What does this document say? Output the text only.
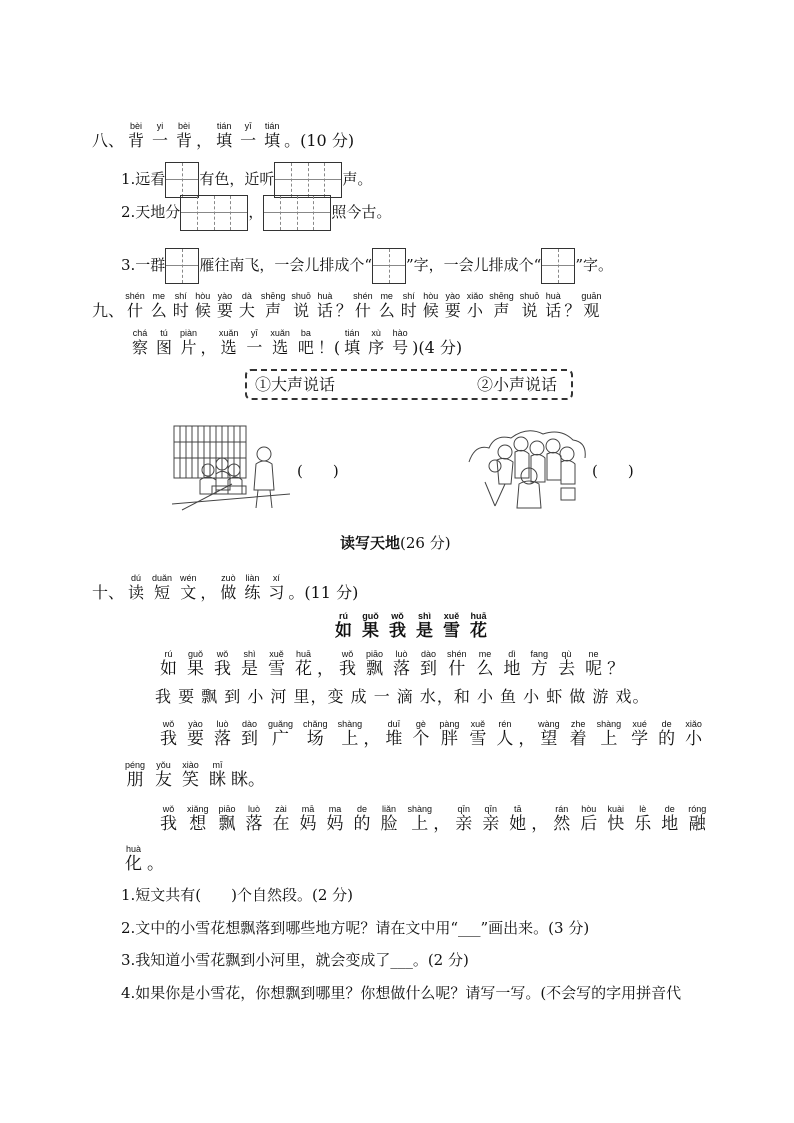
八、 背bèi一yi背bèi， 填tián一yī填tián。(10 分)
1.远看 有色，近听	声。
2.天地分	，	照今古。
3.一群 雁往南飞，一会儿排成个“ ”字，一会儿排成个“ ”字。
九、什shén么me时shí候hòu要yào大dà声shēng说shuō话huà？什shén么me时shí候hòu要yào小xiǎo声shēng说shuō话huà？观guān
察chá图tú片piàn， 选xuǎn一yī选xuǎn吧ba！( 填tián序xù号hào)(4 分)
①大声说话	②小声说话
(　　)	(　　)
读写天地(26 分)
十、 读dú短duǎn文wén， 做zuò练liàn习xí。(11 分)
如rú果guǒ我wǒ是shì雪xuě花huā
如rú果guǒ我wǒ是shì雪xuě花huā， 我wǒ飘piāo落luò到dào什shén么me地dì方fang去qù呢ne？
我 要 飘 到 小 河 里，变 成 一 滴 水，和 小 鱼 小 虾 做 游 戏。
我wǒ要yào落luò到dào广guǎng场chǎng上shàng， 堆duī个gè胖pàng雪xuě人rén， 望wàng着zhe上shàng学xué的de小xiǎo
朋péng友yǒu笑xiào眯mī眯。
我wǒ想xiǎng飘piāo落luò在zài妈mā妈ma的de脸liǎn上shàng， 亲qīn亲qīn她tā， 然rán后hòu快kuài乐lè地de融róng
化huà。
1.短文共有(　　)个自然段。(2 分)
2.文中的小雪花想飘落到哪些地方呢？请在文中用“___”画出来。(3 分)
3.我知道小雪花飘到小河里，就会变成了___。(2 分)
4.如果你是小雪花，你想飘到哪里？你想做什么呢？请写一写。(不会写的字用拼音代
